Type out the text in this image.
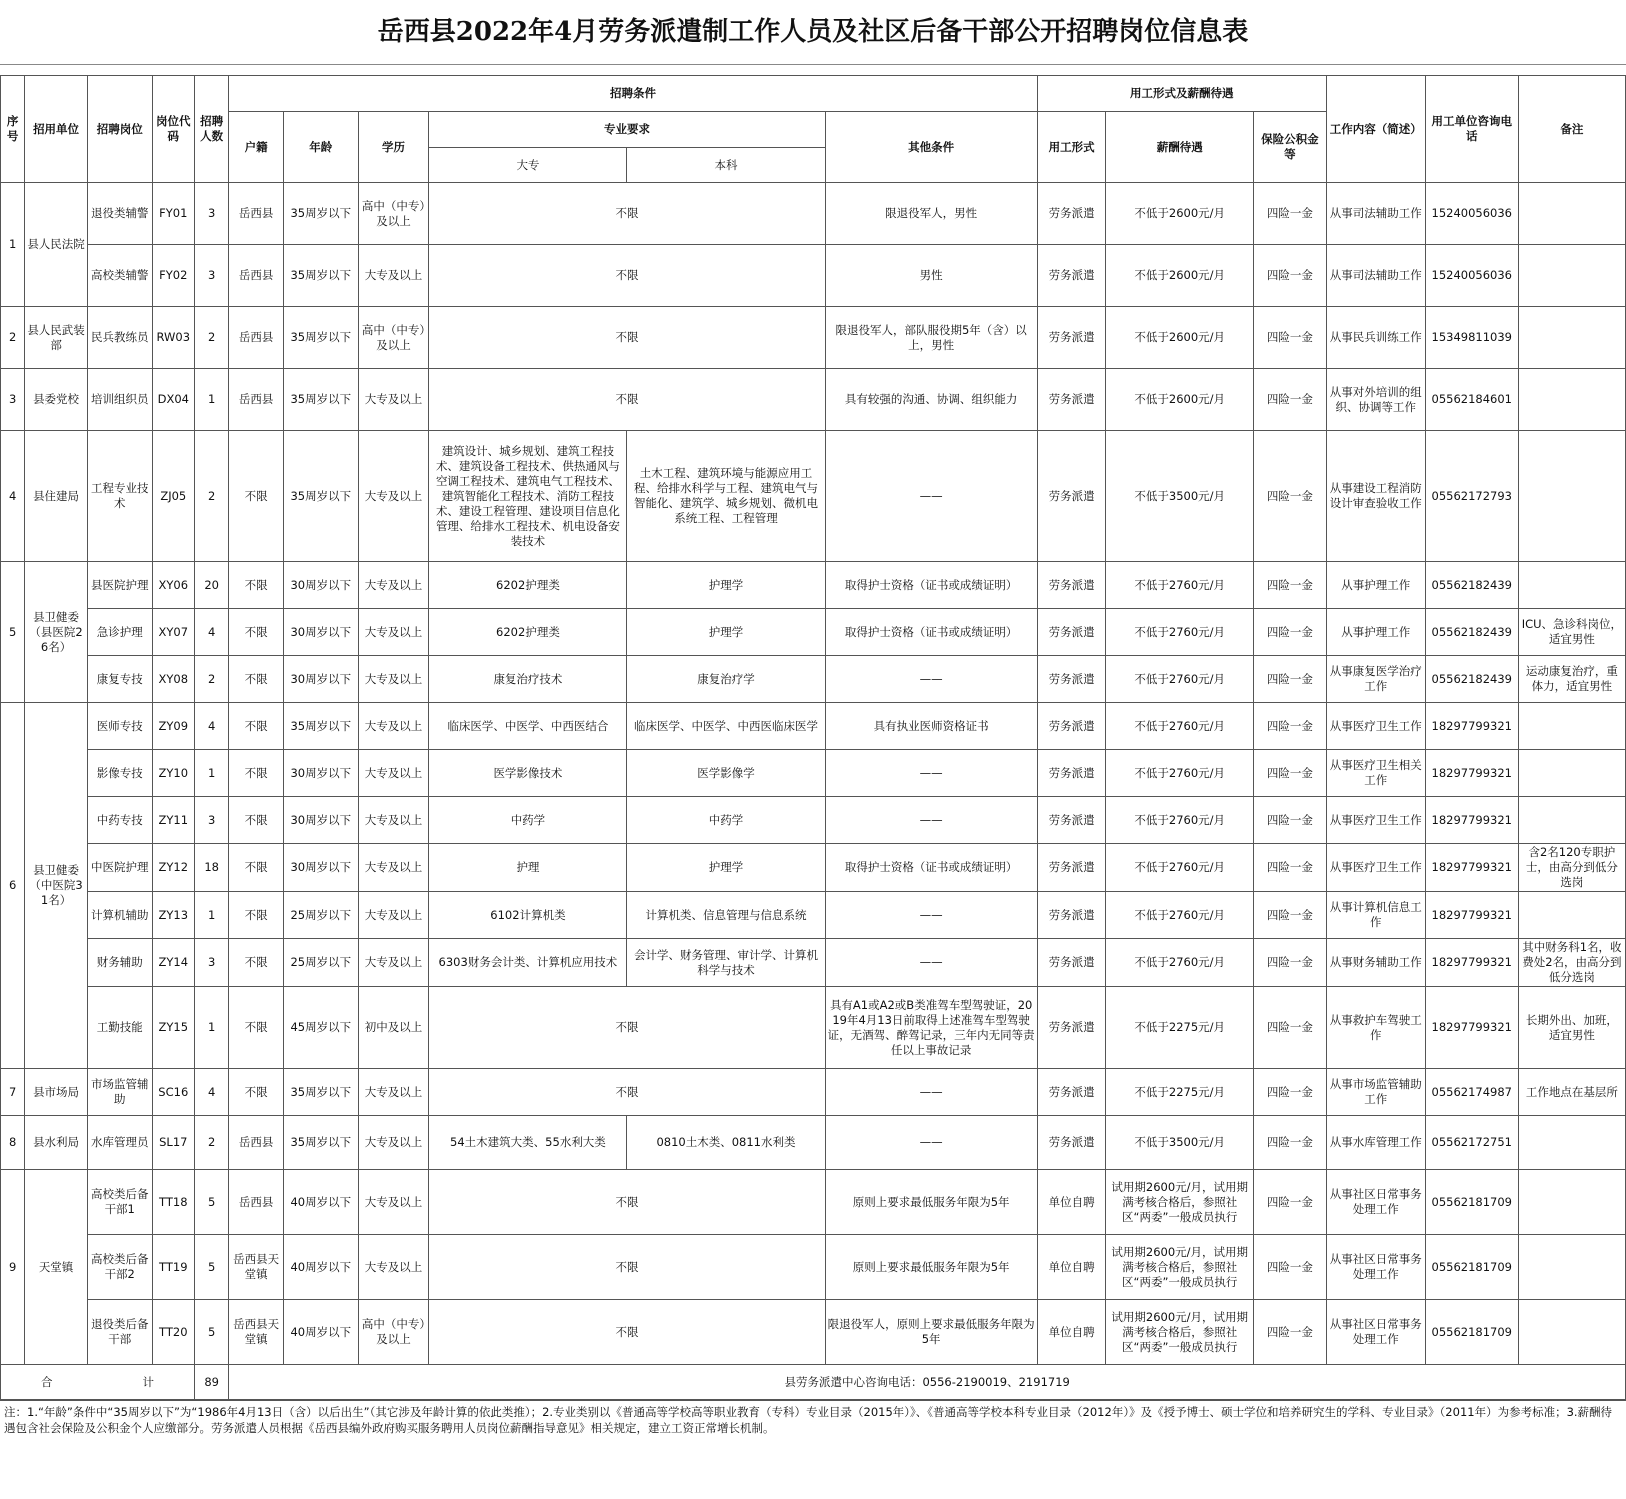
岳西县2022年4月劳务派遣制工作人员及社区后备干部公开招聘岗位信息表
序号	招用单位	招聘岗位	岗位代码	招聘人数	招聘条件						用工形式及薪酬待遇			工作内容（简述）	用工单位咨询电话	备注
					户籍	年龄	学历	专业要求		其他条件	用工形式	薪酬待遇	保险公积金等			
								大专	本科							
1	县人民法院	退役类辅警	FY01	3	岳西县	35周岁以下	高中（中专）及以上	不限		限退役军人，男性	劳务派遣	不低于2600元/月	四险一金	从事司法辅助工作	15240056036	
		高校类辅警	FY02	3	岳西县	35周岁以下	大专及以上	不限		男性	劳务派遣	不低于2600元/月	四险一金	从事司法辅助工作	15240056036	
2	县人民武装部	民兵教练员	RW03	2	岳西县	35周岁以下	高中（中专）及以上	不限		限退役军人，部队服役期5年（含）以上，男性	劳务派遣	不低于2600元/月	四险一金	从事民兵训练工作	15349811039	
3	县委党校	培训组织员	DX04	1	岳西县	35周岁以下	大专及以上	不限		具有较强的沟通、协调、组织能力	劳务派遣	不低于2600元/月	四险一金	从事对外培训的组织、协调等工作	05562184601	
4	县住建局	工程专业技术	ZJ05	2	不限	35周岁以下	大专及以上	建筑设计、城乡规划、建筑工程技术、建筑设备工程技术、供热通风与空调工程技术、建筑电气工程技术、建筑智能化工程技术、消防工程技术、建设工程管理、建设项目信息化管理、给排水工程技术、机电设备安装技术	土木工程、建筑环境与能源应用工程、给排水科学与工程、建筑电气与智能化、建筑学、城乡规划、微机电系统工程、工程管理	——	劳务派遣	不低于3500元/月	四险一金	从事建设工程消防设计审查验收工作	05562172793	
5	县卫健委（县医院26名）	县医院护理	XY06	20	不限	30周岁以下	大专及以上	6202护理类	护理学	取得护士资格（证书或成绩证明）	劳务派遣	不低于2760元/月	四险一金	从事护理工作	05562182439	
		急诊护理	XY07	4	不限	30周岁以下	大专及以上	6202护理类	护理学	取得护士资格（证书或成绩证明）	劳务派遣	不低于2760元/月	四险一金	从事护理工作	05562182439	ICU、急诊科岗位，适宜男性
		康复专技	XY08	2	不限	30周岁以下	大专及以上	康复治疗技术	康复治疗学	——	劳务派遣	不低于2760元/月	四险一金	从事康复医学治疗工作	05562182439	运动康复治疗，重体力，适宜男性
6	县卫健委（中医院31名）	医师专技	ZY09	4	不限	35周岁以下	大专及以上	临床医学、中医学、中西医结合	临床医学、中医学、中西医临床医学	具有执业医师资格证书	劳务派遣	不低于2760元/月	四险一金	从事医疗卫生工作	18297799321	
		影像专技	ZY10	1	不限	30周岁以下	大专及以上	医学影像技术	医学影像学	——	劳务派遣	不低于2760元/月	四险一金	从事医疗卫生相关工作	18297799321	
		中药专技	ZY11	3	不限	30周岁以下	大专及以上	中药学	中药学	——	劳务派遣	不低于2760元/月	四险一金	从事医疗卫生工作	18297799321	
		中医院护理	ZY12	18	不限	30周岁以下	大专及以上	护理	护理学	取得护士资格（证书或成绩证明）	劳务派遣	不低于2760元/月	四险一金	从事医疗卫生工作	18297799321	含2名120专职护士，由高分到低分选岗
		计算机辅助	ZY13	1	不限	25周岁以下	大专及以上	6102计算机类	计算机类、信息管理与信息系统	——	劳务派遣	不低于2760元/月	四险一金	从事计算机信息工作	18297799321	
		财务辅助	ZY14	3	不限	25周岁以下	大专及以上	6303财务会计类、计算机应用技术	会计学、财务管理、审计学、计算机科学与技术	——	劳务派遣	不低于2760元/月	四险一金	从事财务辅助工作	18297799321	其中财务科1名，收费处2名，由高分到低分选岗
		工勤技能	ZY15	1	不限	45周岁以下	初中及以上	不限		具有A1或A2或B类准驾车型驾驶证，2019年4月13日前取得上述准驾车型驾驶证，无酒驾、醉驾记录，三年内无同等责任以上事故记录	劳务派遣	不低于2275元/月	四险一金	从事救护车驾驶工作	18297799321	长期外出、加班，适宜男性
7	县市场局	市场监管辅助	SC16	4	不限	35周岁以下	大专及以上	不限		——	劳务派遣	不低于2275元/月	四险一金	从事市场监管辅助工作	05562174987	工作地点在基层所
8	县水利局	水库管理员	SL17	2	岳西县	35周岁以下	大专及以上	54土木建筑大类、55水利大类	0810土木类、0811水利类	——	劳务派遣	不低于3500元/月	四险一金	从事水库管理工作	05562172751	
9	天堂镇	高校类后备干部1	TT18	5	岳西县	40周岁以下	大专及以上	不限		原则上要求最低服务年限为5年	单位自聘	试用期2600元/月，试用期满考核合格后，参照社区“两委”一般成员执行	四险一金	从事社区日常事务处理工作	05562181709	
		高校类后备干部2	TT19	5	岳西县天堂镇	40周岁以下	大专及以上	不限		原则上要求最低服务年限为5年	单位自聘	试用期2600元/月，试用期满考核合格后，参照社区“两委”一般成员执行	四险一金	从事社区日常事务处理工作	05562181709	
		退役类后备干部	TT20	5	岳西县天堂镇	40周岁以下	高中（中专）及以上	不限		限退役军人，原则上要求最低服务年限为5年	单位自聘	试用期2600元/月，试用期满考核合格后，参照社区“两委”一般成员执行	四险一金	从事社区日常事务处理工作	05562181709	
合 计				89	县劳务派遣中心咨询电话：0556-2190019、2191719											
注：1.“年龄”条件中“35周岁以下”为“1986年4月13日（含）以后出生”（其它涉及年龄计算的依此类推）；2.专业类别以《普通高等学校高等职业教育（专科）专业目录（2015年）》、《普通高等学校本科专业目录（2012年）》及《授予博士、硕士学位和培养研究生的学科、专业目录》（2011年）为参考标准；3.薪酬待遇包含社会保险及公积金个人应缴部分。劳务派遣人员根据《岳西县编外政府购买服务聘用人员岗位薪酬指导意见》相关规定，建立工资正常增长机制。
